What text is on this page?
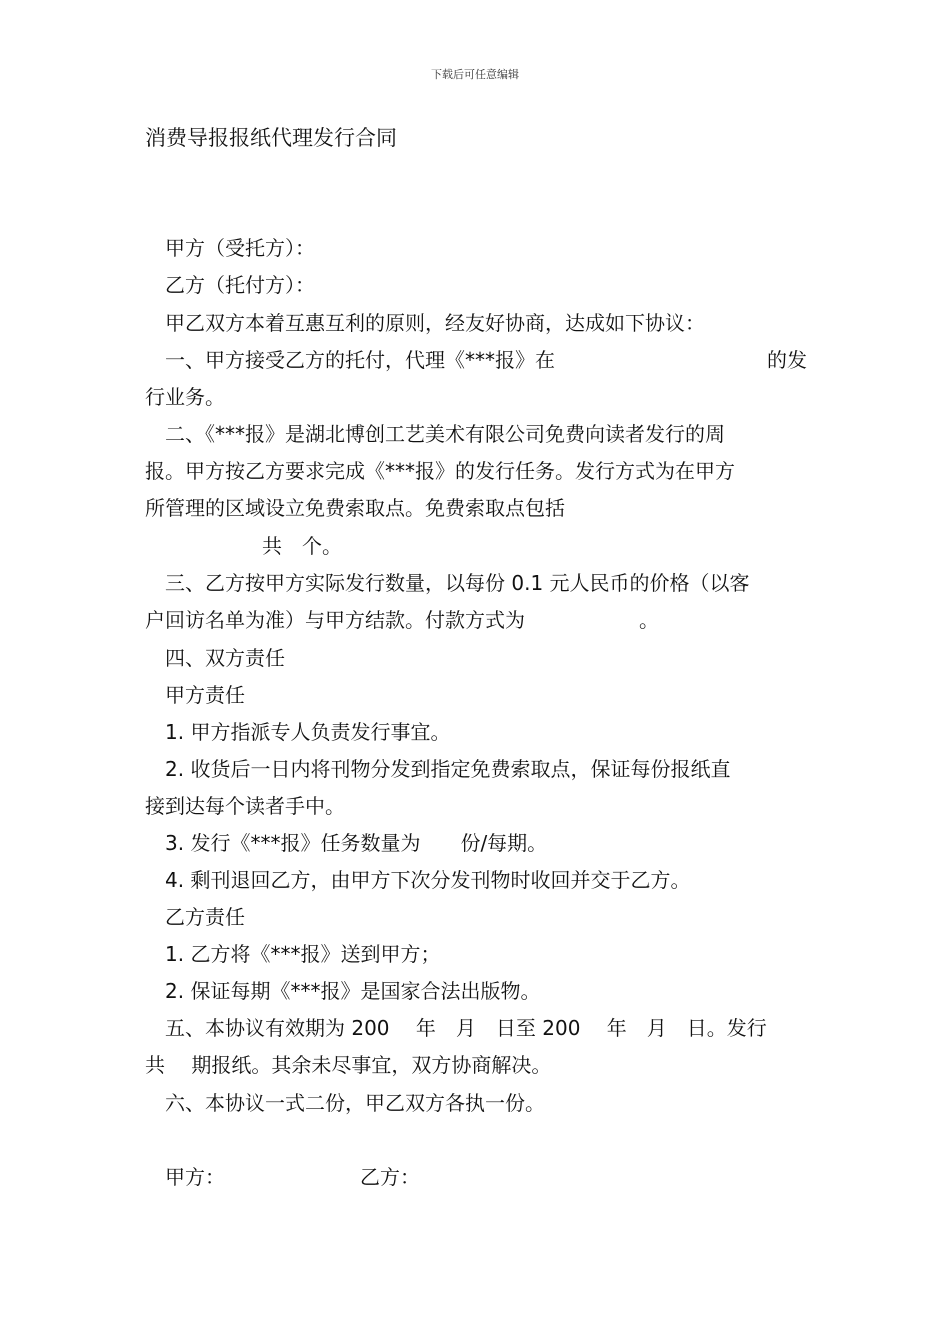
下载后可任意编辑
消费导报报纸代理发行合同
甲方（受托方）：
乙方（托付方）：
甲乙双方本着互惠互利的原则，经友好协商，达成如下协议：
一、甲方接受乙方的托付，代理《***报》在	的发
行业务。
二、《***报》是湖北博创工艺美术有限公司免费向读者发行的周
报。甲方按乙方要求完成《***报》的发行任务。发行方式为在甲方
所管理的区域设立免费索取点。免费索取点包括
共　个。
三、乙方按甲方实际发行数量，以每份 0.1 元人民币的价格（以客
户回访名单为准）与甲方结款。付款方式为	。
四、双方责任
甲方责任
1. 甲方指派专人负责发行事宜。
2. 收货后一日内将刊物分发到指定免费索取点，保证每份报纸直
接到达每个读者手中。
3. 发行《***报》任务数量为　　份/每期。
4. 剩刊退回乙方，由甲方下次分发刊物时收回并交于乙方。
乙方责任
1. 乙方将《***报》送到甲方；
2. 保证每期《***报》是国家合法出版物。
五、本协议有效期为 200　 年　月　日至 200　 年　月　日。发行
共　 期报纸。其余未尽事宜，双方协商解决。
六、本协议一式二份，甲乙双方各执一份。
甲方：	乙方：
